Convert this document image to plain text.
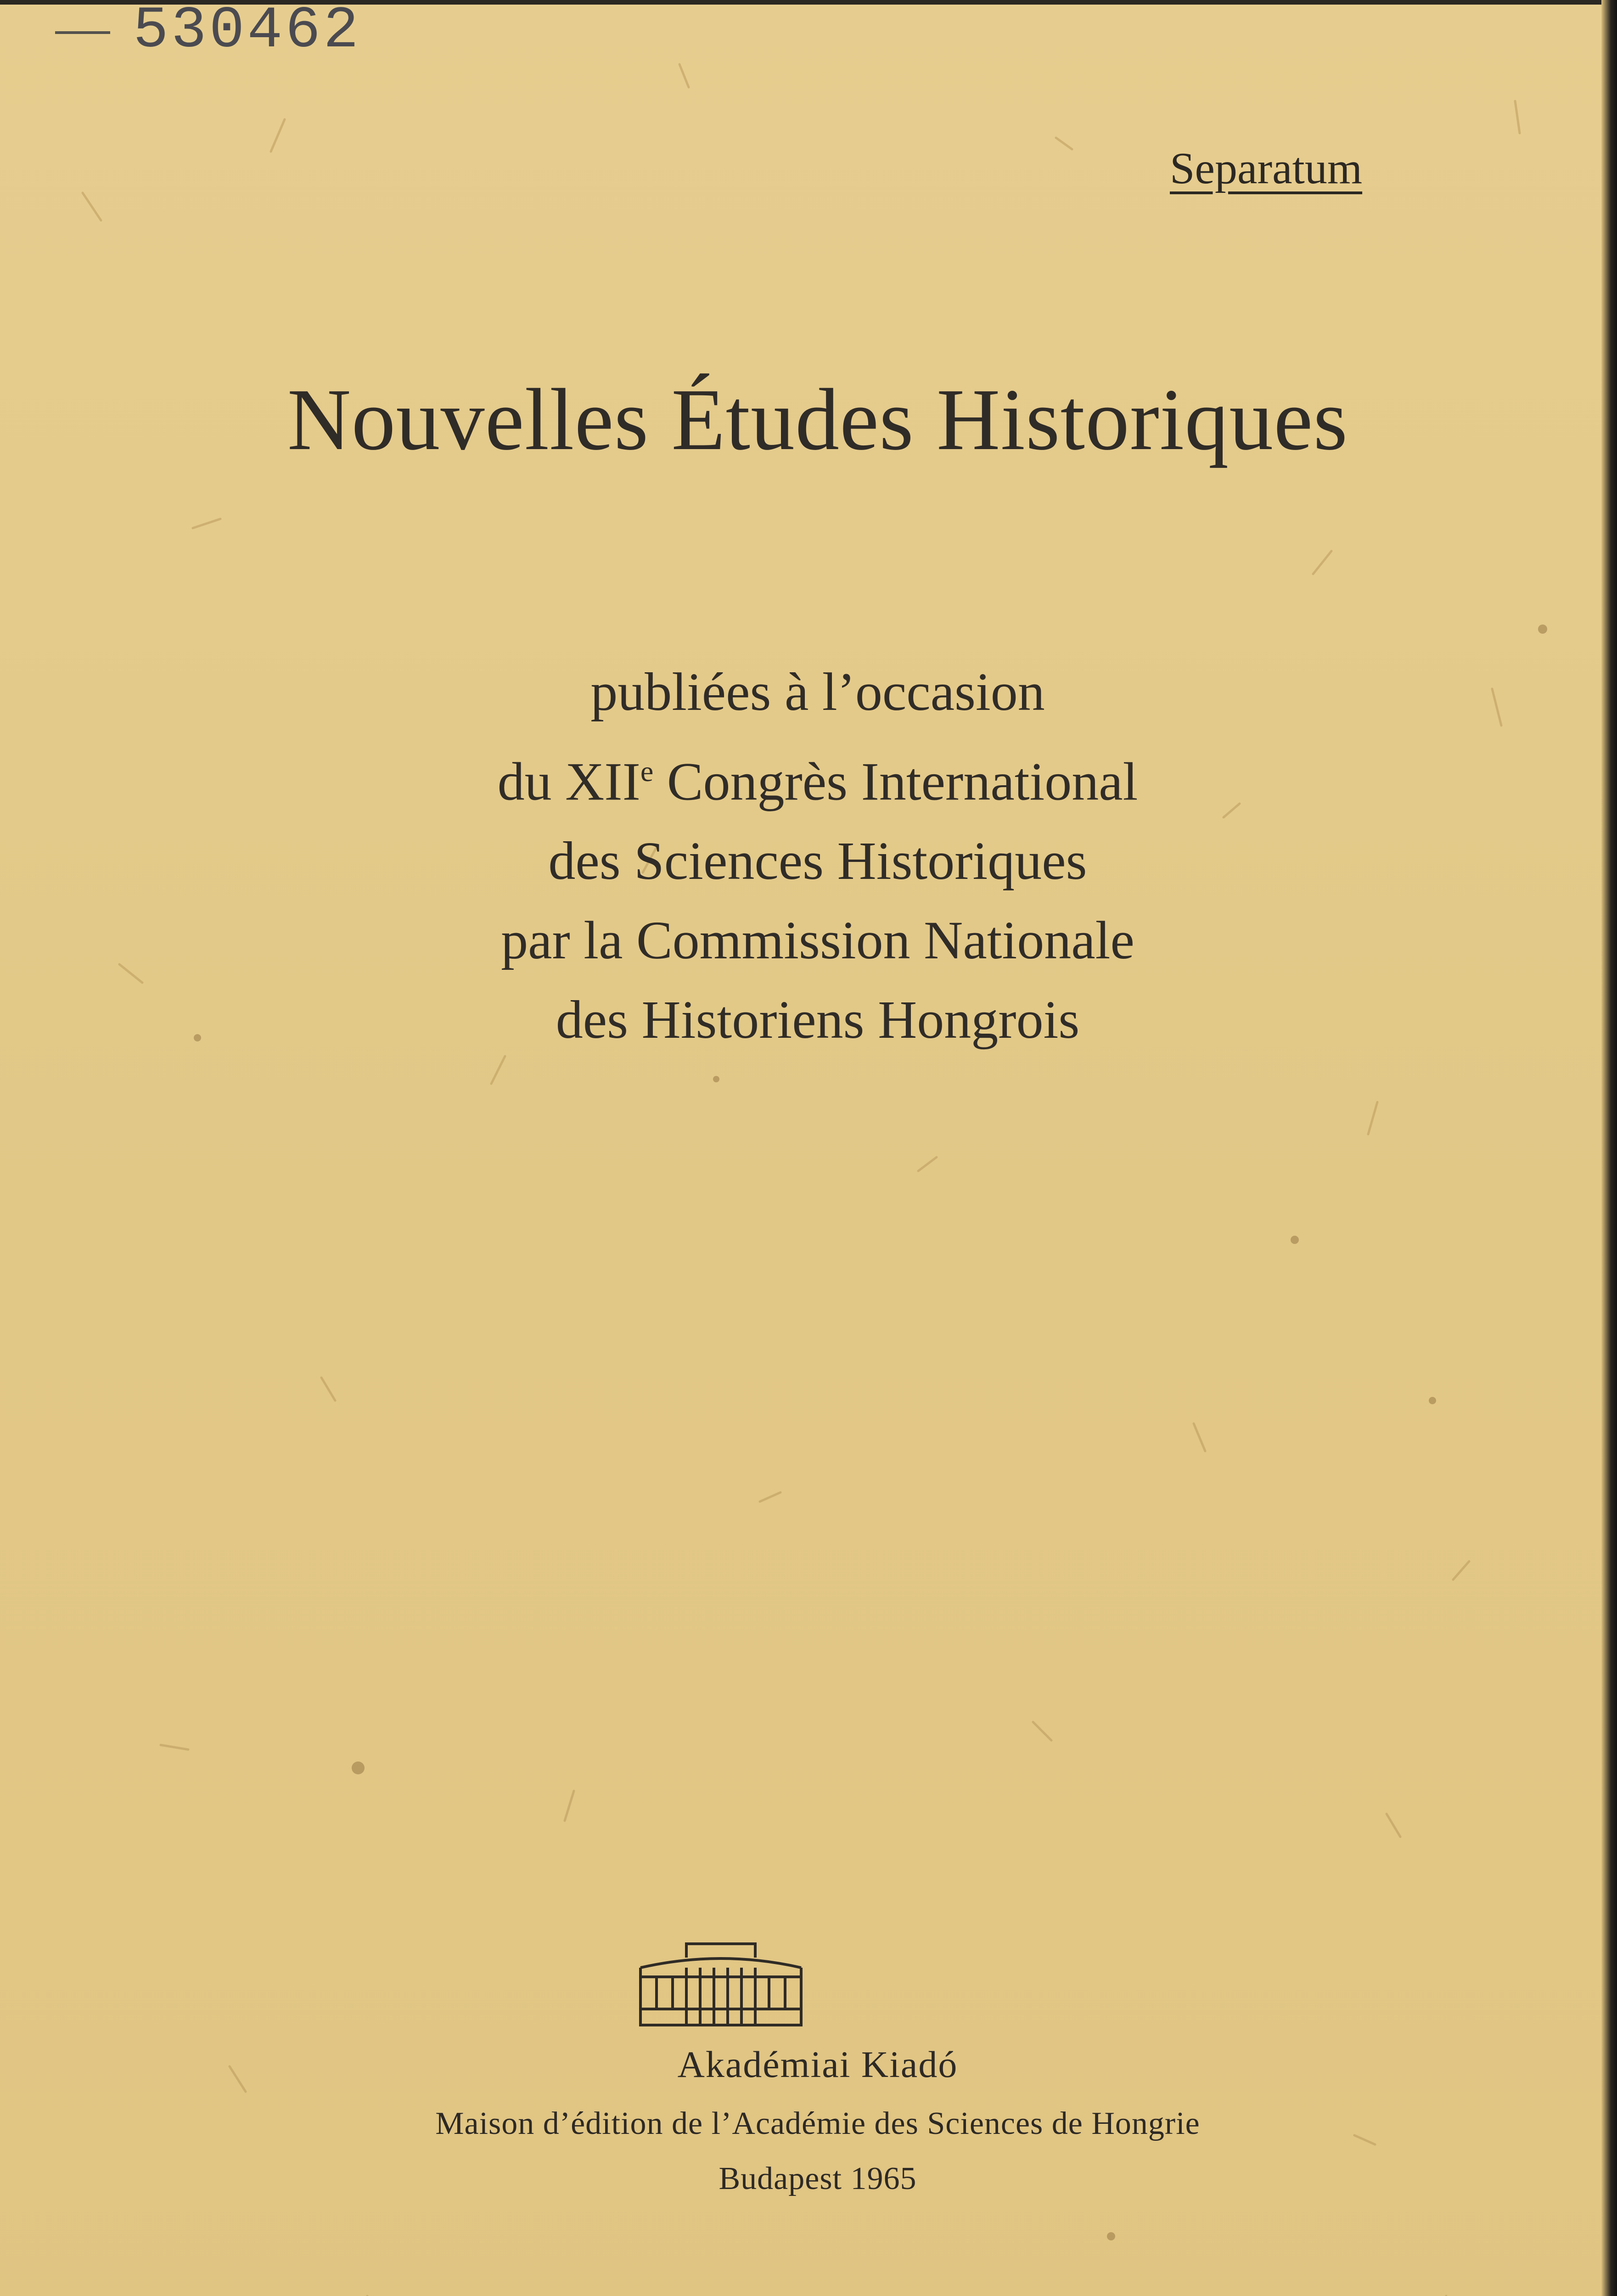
530462
Separatum
Nouvelles Études Historiques
publiées à l’occasion
du XIIe Congrès International
des Sciences Historiques
par la Commission Nationale
des Historiens Hongrois
Akadémiai Kiadó
Maison d’édition de l’Académie des Sciences de Hongrie
Budapest 1965
